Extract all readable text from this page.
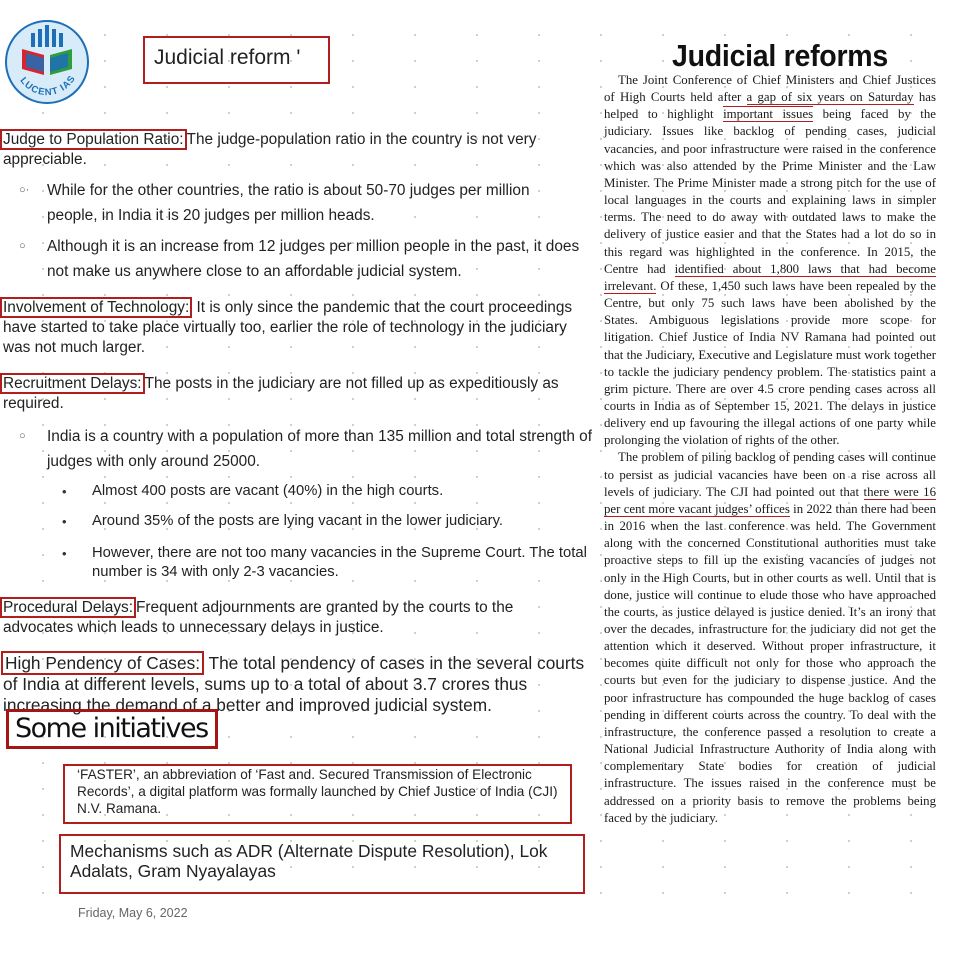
LUCENT IAS
Judicial reform '
Judge to Population Ratio: The judge-population ratio in the country is not very appreciable.
○· While for the other countries, the ratio is about 50-70 judges per million people, in India it is 20 judges per million heads.
○ Although it is an increase from 12 judges per million people in the past, it does not make us anywhere close to an affordable judicial system.
Involvement of Technology: It is only since the pandemic that the court proceedings have started to take place virtually too, earlier the role of technology in the judiciary was not much larger.
Recruitment Delays: The posts in the judiciary are not filled up as expeditiously as required.
○ India is a country with a population of more than 135 million and total strength of judges with only around 25000.
• Almost 400 posts are vacant (40%) in the high courts.
• Around 35% of the posts are lying vacant in the lower judiciary.
• However, there are not too many vacancies in the Supreme Court. The total number is 34 with only 2-3 vacancies.
Procedural Delays: Frequent adjournments are granted by the courts to the advocates which leads to unnecessary delays in justice.
High Pendency of Cases: The total pendency of cases in the several courts of India at different levels, sums up to a total of about 3.7 crores thus increasing the demand of a better and improved judicial system.
Some initiatives
‘FASTER’, an abbreviation of ‘Fast and. Secured Transmission of Electronic Records’, a digital platform was formally launched by Chief Justice of India (CJI) N.V. Ramana.
Mechanisms such as ADR (Alternate Dispute Resolution), Lok Adalats, Gram Nyayalayas
Judicial reforms

The Joint Conference of Chief Ministers and Chief Justices of High Courts held after a gap of six years on Saturday has helped to highlight important issues being faced by the judiciary. Issues like backlog of pending cases, judicial vacancies, and poor infrastructure were raised in the conference which was also attended by the Prime Minister and the Law Minister. The Prime Minister made a strong pitch for the use of local languages in the courts and explaining laws in simpler terms. The need to do away with outdated laws to make the delivery of justice easier and that the States had a lot do so in this regard was highlighted in the conference. In 2015, the Centre had identified about 1,800 laws that had become irrelevant. Of these, 1,450 such laws have been repealed by the Centre, but only 75 such laws have been abolished by the States. Ambiguous legislations provide more scope for litigation. Chief Justice of India NV Ramana had pointed out that the Judiciary, Executive and Legislature must work together to tackle the judiciary pendency problem. The statistics paint a grim picture. There are over 4.5 crore pending cases across all courts in India as of September 15, 2021. The delays in justice delivery end up favouring the illegal actions of one party while prolonging the violation of rights of the other.

The problem of piling backlog of pending cases will continue to persist as judicial vacancies have been on a rise across all levels of judiciary. The CJI had pointed out that there were 16 per cent more vacant judges’ offices in 2022 than there had been in 2016 when the last conference was held. The Government along with the concerned Constitutional authorities must take proactive steps to fill up the existing vacancies of judges not only in the High Courts, but in other courts as well. Until that is done, justice will continue to elude those who have approached the courts, as justice delayed is justice denied. It’s an irony that over the decades, infrastructure for the judiciary did not get the attention which it deserved. Without proper infrastructure, it becomes quite difficult not only for those who approach the courts but even for the judiciary to dispense justice. And the poor infrastructure has compounded the huge backlog of cases pending in different courts across the country. To deal with the infrastructure, the conference passed a resolution to create a National Judicial Infrastructure Authority of India along with complementary State bodies for creation of judicial infrastructure. The issues raised in the conference must be addressed on a priority basis to remove the problems being faced by the judiciary.

Friday, May 6, 2022
